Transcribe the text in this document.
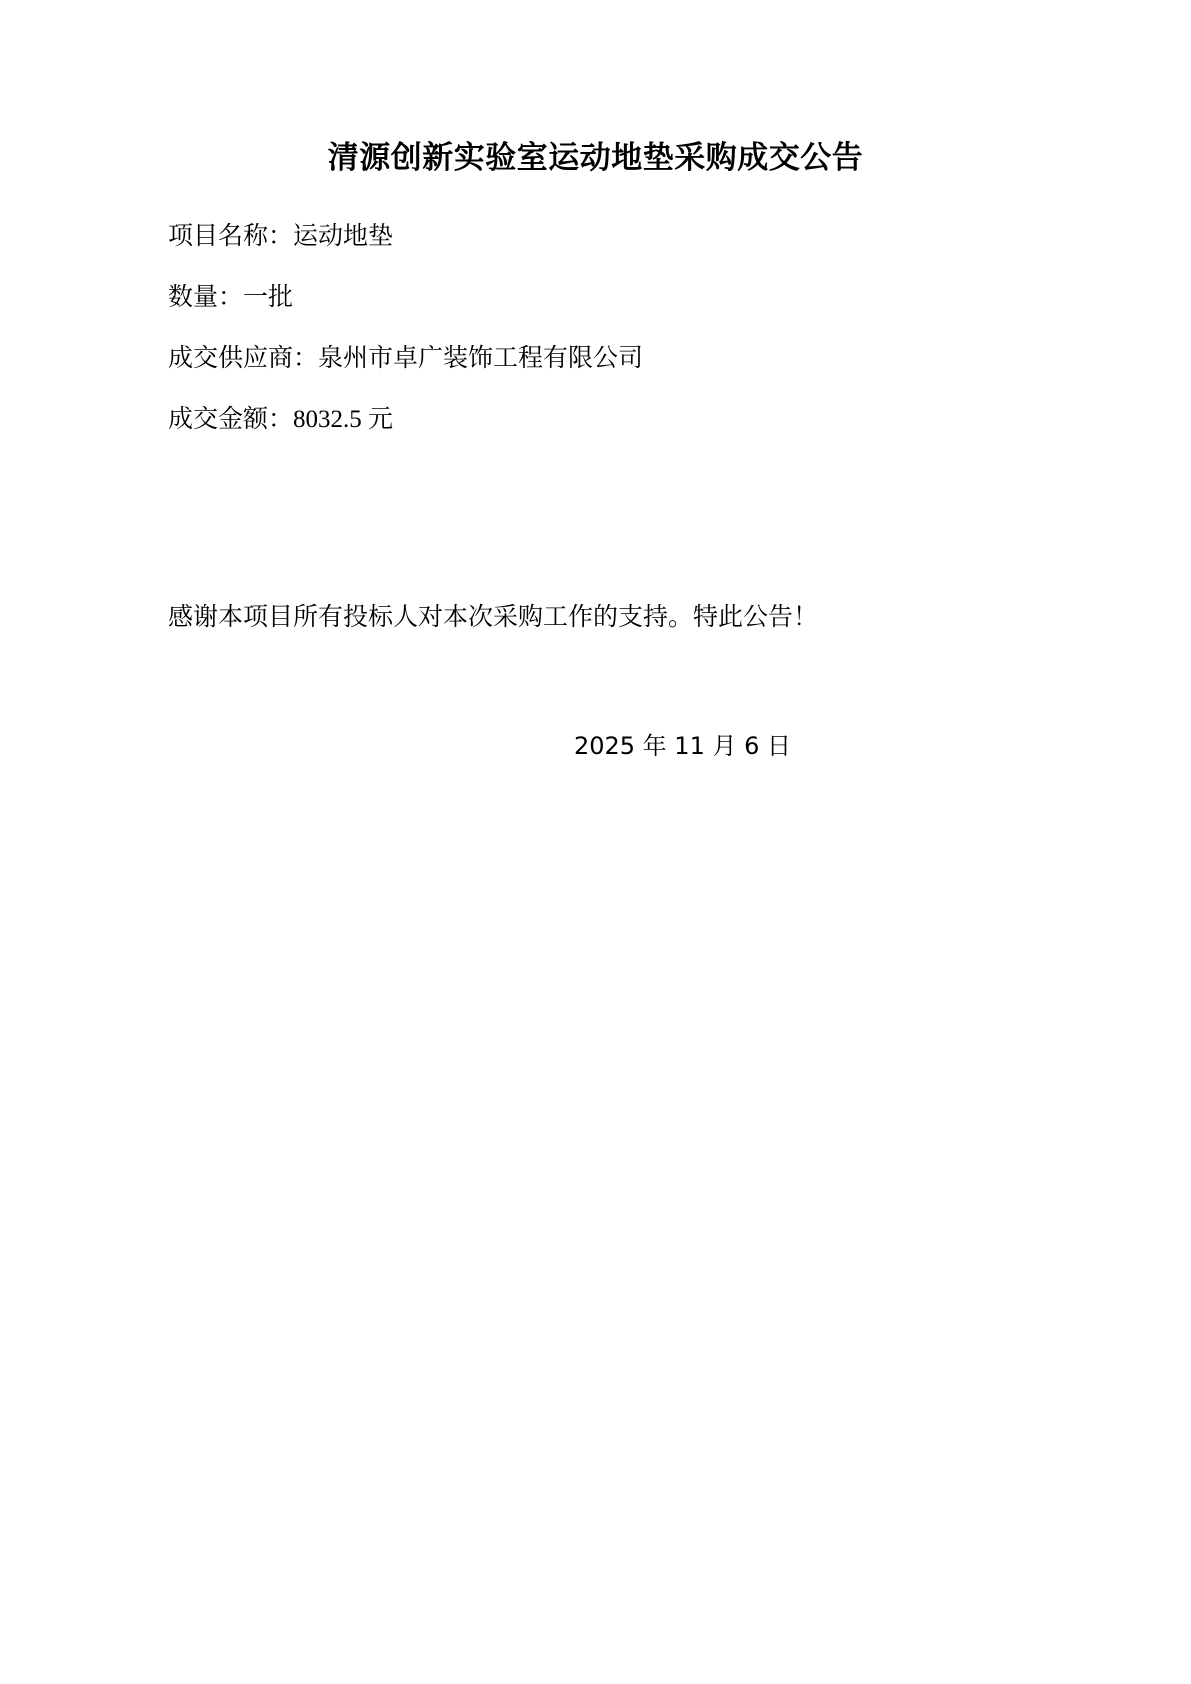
清源创新实验室运动地垫采购成交公告

项目名称：运动地垫

数量：一批

成交供应商：泉州市卓广装饰工程有限公司

成交金额：8032.5 元

感谢本项目所有投标人对本次采购工作的支持。特此公告！

2025 年 11 月 6 日
